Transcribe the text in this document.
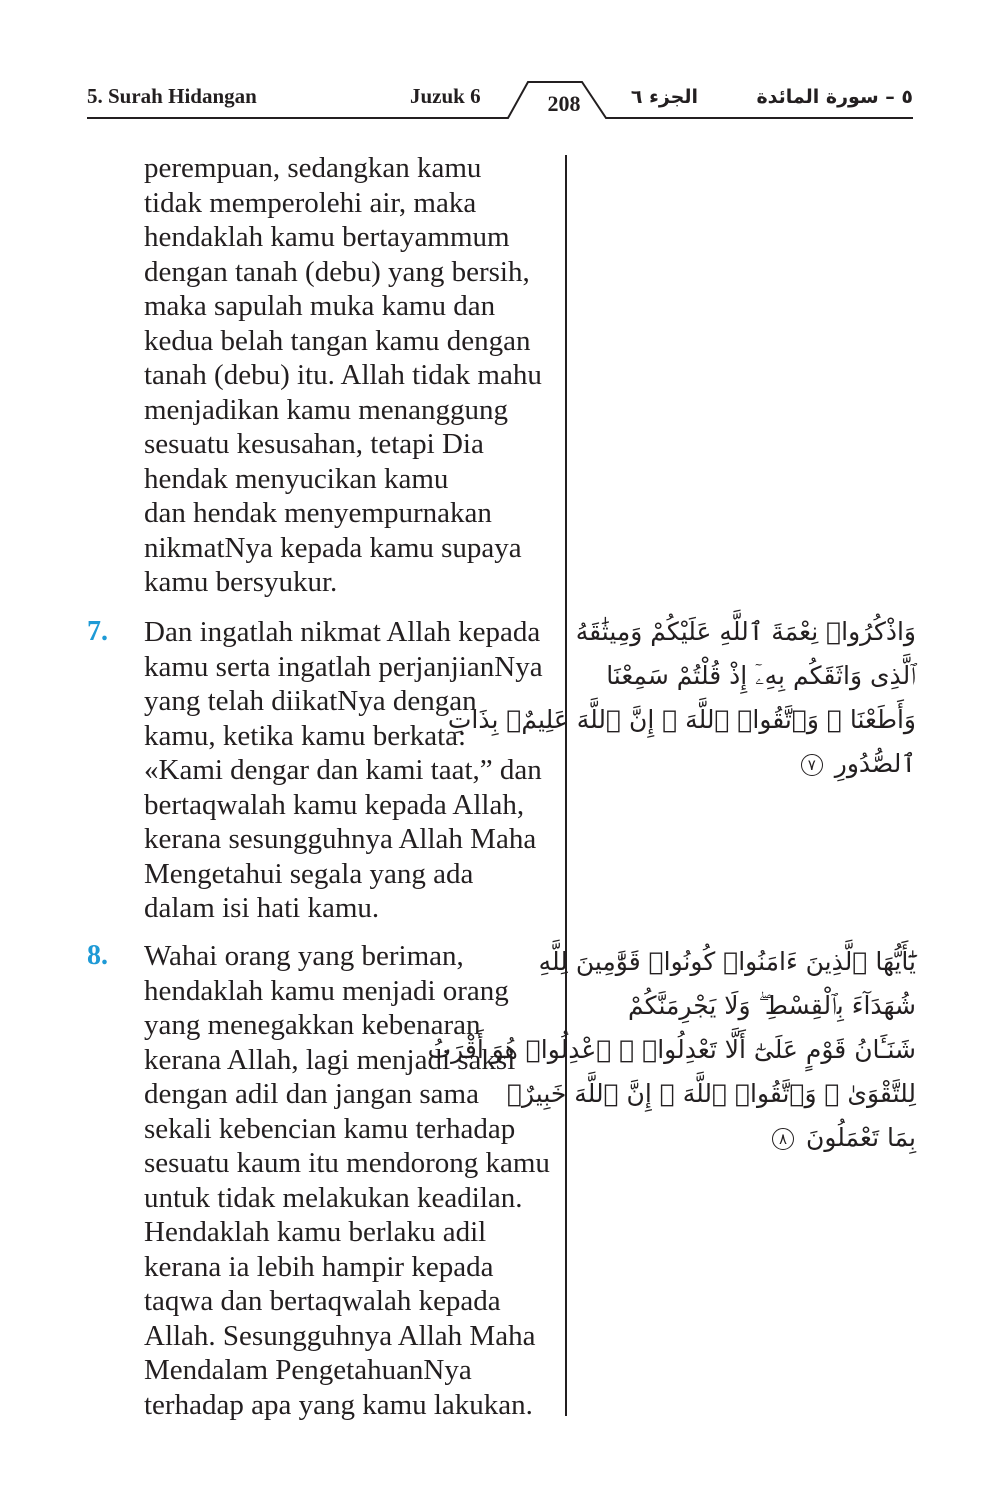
5. Surah Hidangan	Juzuk 6	208	الجزء ٦	٥ – سورة المائدة
perempuan, sedangkan kamu
tidak memperolehi air, maka
hendaklah kamu bertayammum
dengan tanah (debu) yang bersih,
maka sapulah muka kamu dan
kedua belah tangan kamu dengan
tanah (debu) itu. Allah tidak mahu
menjadikan kamu menanggung
sesuatu kesusahan, tetapi Dia
hendak menyucikan kamu
dan hendak menyempurnakan
nikmatNya kepada kamu supaya
kamu bersyukur.
7. Dan ingatlah nikmat Allah kepada
kamu serta ingatlah perjanjianNya
yang telah diikatNya dengan
kamu, ketika kamu berkata:
«Kami dengar dan kami taat,” dan
bertaqwalah kamu kepada Allah,
kerana sesungguhnya Allah Maha
Mengetahui segala yang ada
dalam isi hati kamu.
وَاذْكُرُوا۟ نِعْمَةَ ٱللَّهِ عَلَيْكُمْ وَمِيثَٰقَهُ
ٱلَّذِى وَاثَقَكُم بِهِۦٓ إِذْ قُلْتُمْ سَمِعْنَا
وَأَطَعْنَا ۖ وَٱتَّقُوا۟ ٱللَّهَ ۚ إِنَّ ٱللَّهَ عَلِيمٌۢ بِذَاتِ
ٱلصُّدُورِ ٧
8. Wahai orang yang beriman,
hendaklah kamu menjadi orang
yang menegakkan kebenaran
kerana Allah, lagi menjadi saksi
dengan adil dan jangan sama
sekali kebencian kamu terhadap
sesuatu kaum itu mendorong kamu
untuk tidak melakukan keadilan.
Hendaklah kamu berlaku adil
kerana ia lebih hampir kepada
taqwa dan bertaqwalah kepada
Allah. Sesungguhnya Allah Maha
Mendalam PengetahuanNya
terhadap apa yang kamu lakukan.
يَٰٓأَيُّهَا ٱلَّذِينَ ءَامَنُوا۟ كُونُوا۟ قَوَّٰمِينَ لِلَّهِ
شُهَدَآءَ بِٱلْقِسْطِ ۖ وَلَا يَجْرِمَنَّكُمْ
شَنَـَٔانُ قَوْمٍ عَلَىٰٓ أَلَّا تَعْدِلُوا۟ ۚ ٱعْدِلُوا۟ هُوَ أَقْرَبُ
لِلتَّقْوَىٰ ۖ وَٱتَّقُوا۟ ٱللَّهَ ۚ إِنَّ ٱللَّهَ خَبِيرٌۢ
بِمَا تَعْمَلُونَ ٨
